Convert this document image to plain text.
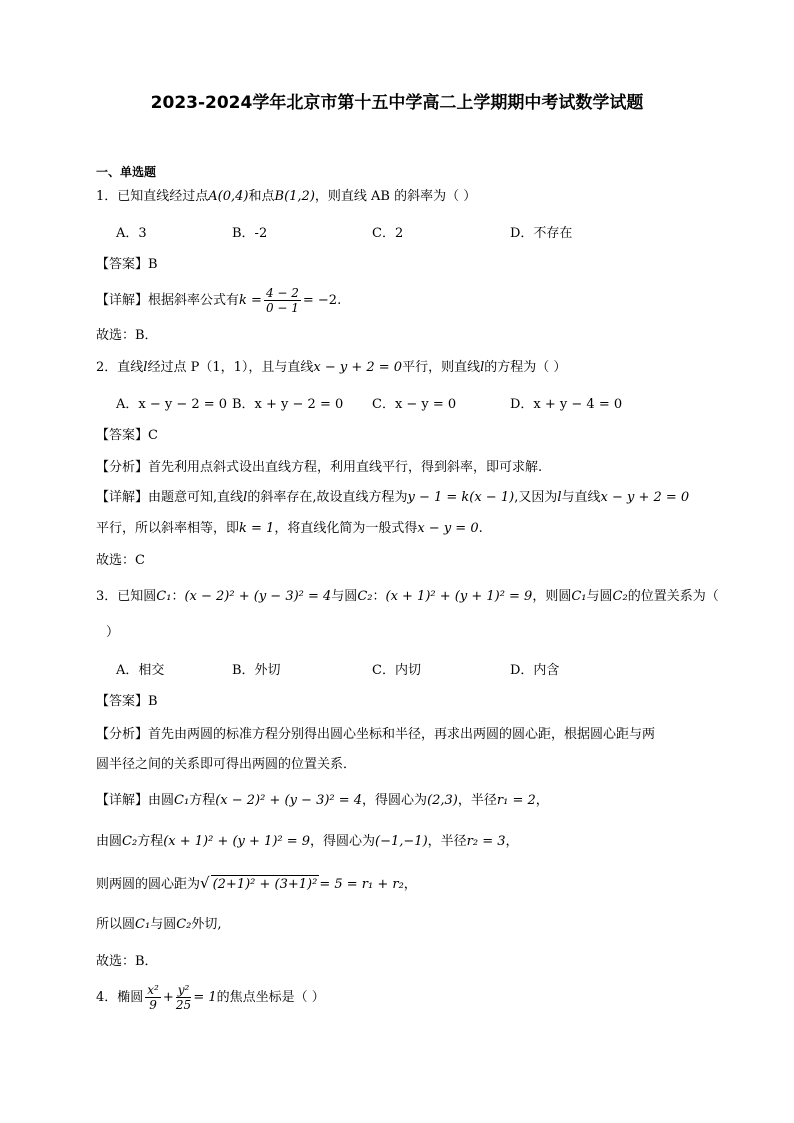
2023-2024学年北京市第十五中学高二上学期期中考试数学试题
一、单选题
1．已知直线经过点A(0,4)和点B(1,2)，则直线 AB 的斜率为（ ）
A．3	B．-2	C．2	D．不存在
【答案】B
【详解】根据斜率公式有$k = \frac{4 - 2}{0 - 1} = -2$.
故选：B．
2．直线l经过点 P（1，1），且与直线x − y + 2 = 0平行，则直线l的方程为（ ）
A．x − y − 2 = 0 B．x + y − 2 = 0 C．x − y = 0	D．x + y − 4 = 0
【答案】C
【分析】首先利用点斜式设出直线方程，利用直线平行，得到斜率，即可求解.
【详解】由题意可知,直线l的斜率存在,故设直线方程为y − 1 = k(x − 1),又因为l与直线x − y + 2 = 0
平行，所以斜率相等，即k = 1，将直线化简为一般式得x − y = 0.
故选：C
3．已知圆C₁：(x − 2)² + (y − 3)² = 4与圆C₂：(x + 1)² + (y + 1)² = 9，则圆C₁与圆C₂的位置关系为（
）
A．相交	B．外切	C．内切	D．内含
【答案】B
【分析】首先由两圆的标准方程分别得出圆心坐标和半径，再求出两圆的圆心距，根据圆心距与两
圆半径之间的关系即可得出两圆的位置关系．
【详解】由圆C₁方程(x − 2)² + (y − 3)² = 4，得圆心为(2,3)，半径r₁ = 2，
由圆C₂方程(x + 1)² + (y + 1)² = 9，得圆心为(−1,−1)，半径r₂ = 3，
则两圆的圆心距为√ (2+1)² + (3+1)² = 5 = r₁ + r₂，
所以圆C₁与圆C₂外切,
故选：B．
4．椭圆 $\frac{\text{x²}}{9} + \frac{\text{y²}}{25} = 1$的焦点坐标是（ ）
